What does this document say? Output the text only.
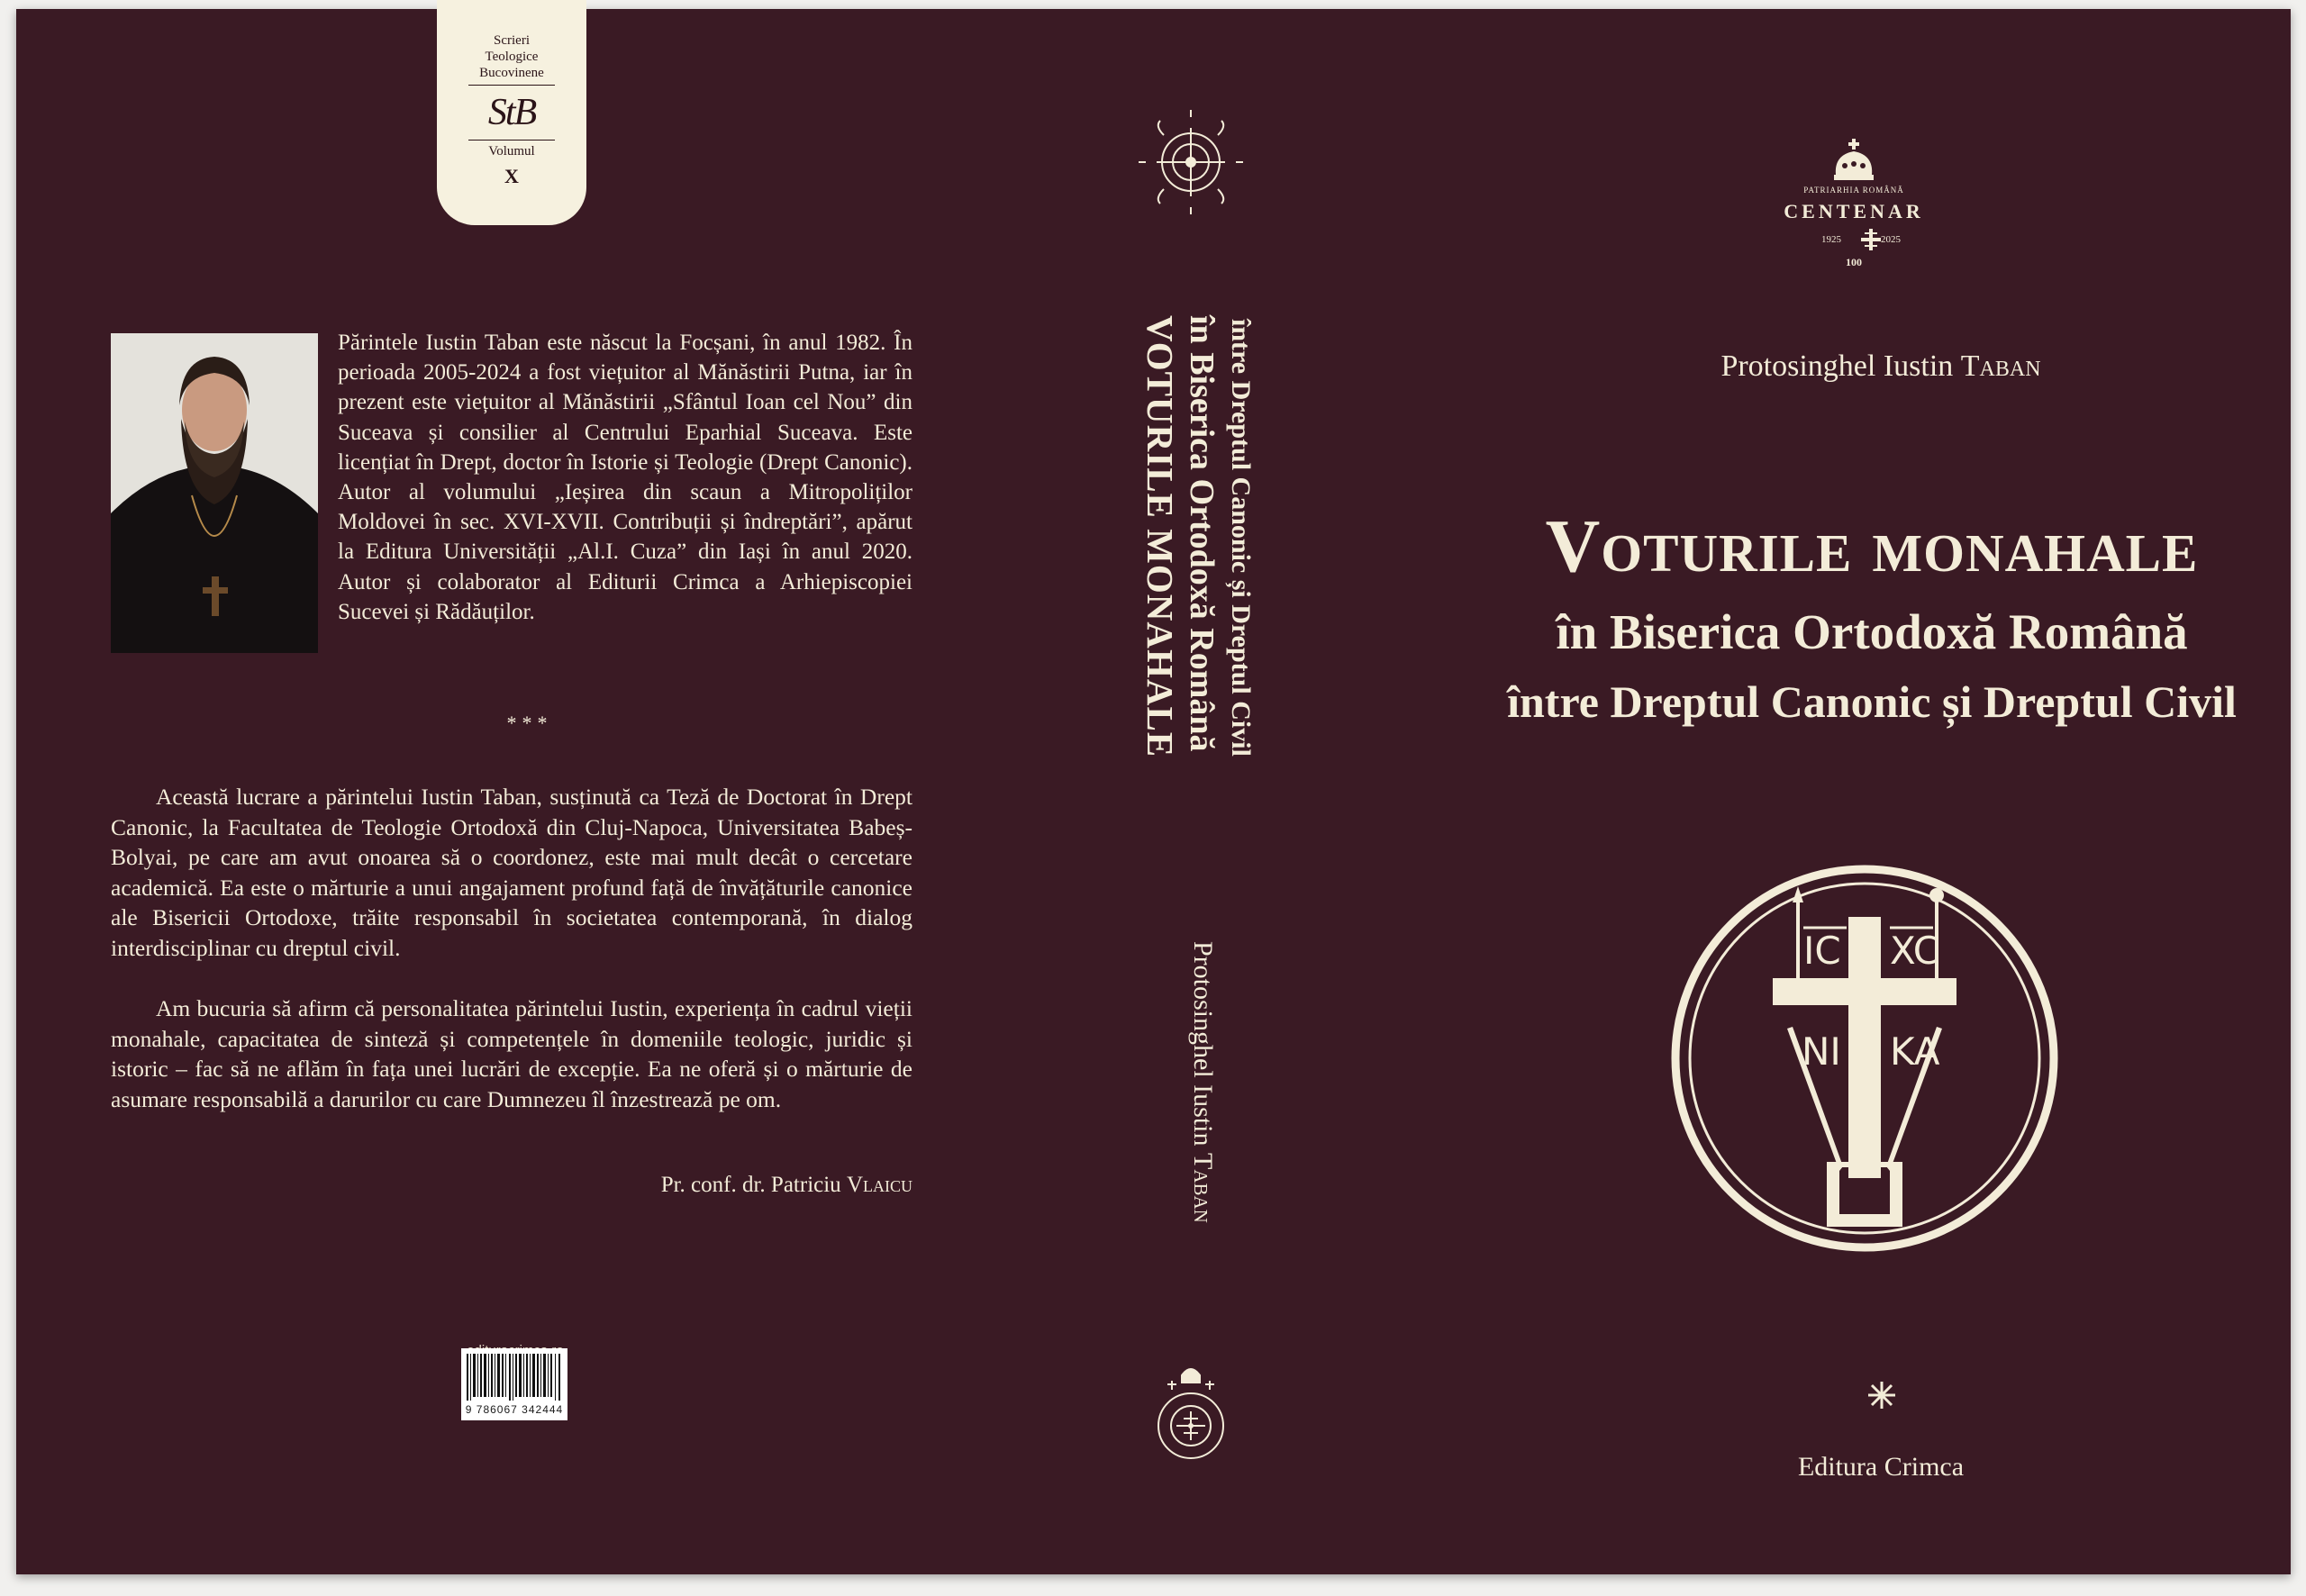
Scrieri
Teologice
Bucovinene
StB
Volumul
X
Părintele Iustin Taban este născut la Focșani, în anul 1982. În perioada 2005-2024 a fost viețuitor al Mănăstirii Putna, iar în prezent este viețuitor al Mănăstirii „Sfântul Ioan cel Nou” din Suceava și consilier al Centrului Eparhial Suceava. Este licențiat în Drept, doctor în Istorie și Teologie (Drept Canonic). Autor al volumului „Ieșirea din scaun a Mitropoliților Moldovei în sec. XVI-XVII. Contribuții și îndreptări”, apărut la Editura Universității „Al.I. Cuza” din Iași în anul 2020. Autor și colaborator al Editurii Crimca a Arhiepiscopiei Sucevei și Rădăuților.
***
Această lucrare a părintelui Iustin Taban, susținută ca Teză de Doctorat în Drept Canonic, la Facultatea de Teologie Ortodoxă din Cluj-Napoca, Universitatea Babeș-Bolyai, pe care am avut onoarea să o coordonez, este mai mult decât o cercetare academică. Ea este o mărturie a unui angajament profund față de învățăturile canonice ale Bisericii Ortodoxe, trăite responsabil în societatea contemporană, în dialog interdisciplinar cu dreptul civil.
Am bucuria să afirm că personalitatea părintelui Iustin, experiența în cadrul vieții monahale, capacitatea de sinteză și competențele în domeniile teologic, juridic și istoric – fac să ne aflăm în fața unei lucrări de excepție. Ea ne oferă și o mărturie de asumare responsabilă a darurilor cu care Dumnezeu îl înzestrează pe om.
Pr. conf. dr. Patriciu Vlaicu
9 786067 342444
VOTURILE MONAHALE în Biserica Ortodoxă Română între Dreptul Canonic și Dreptul Civil
Protosinghel Iustin Taban
PATRIARHIA ROMÂNĂ
CENTENAR
1925	2025
100
Protosinghel Iustin Taban
Voturile monahale
în Biserica Ortodoxă Română
între Dreptul Canonic și Dreptul Civil
IC XC
NI KA
Editura Crimca
